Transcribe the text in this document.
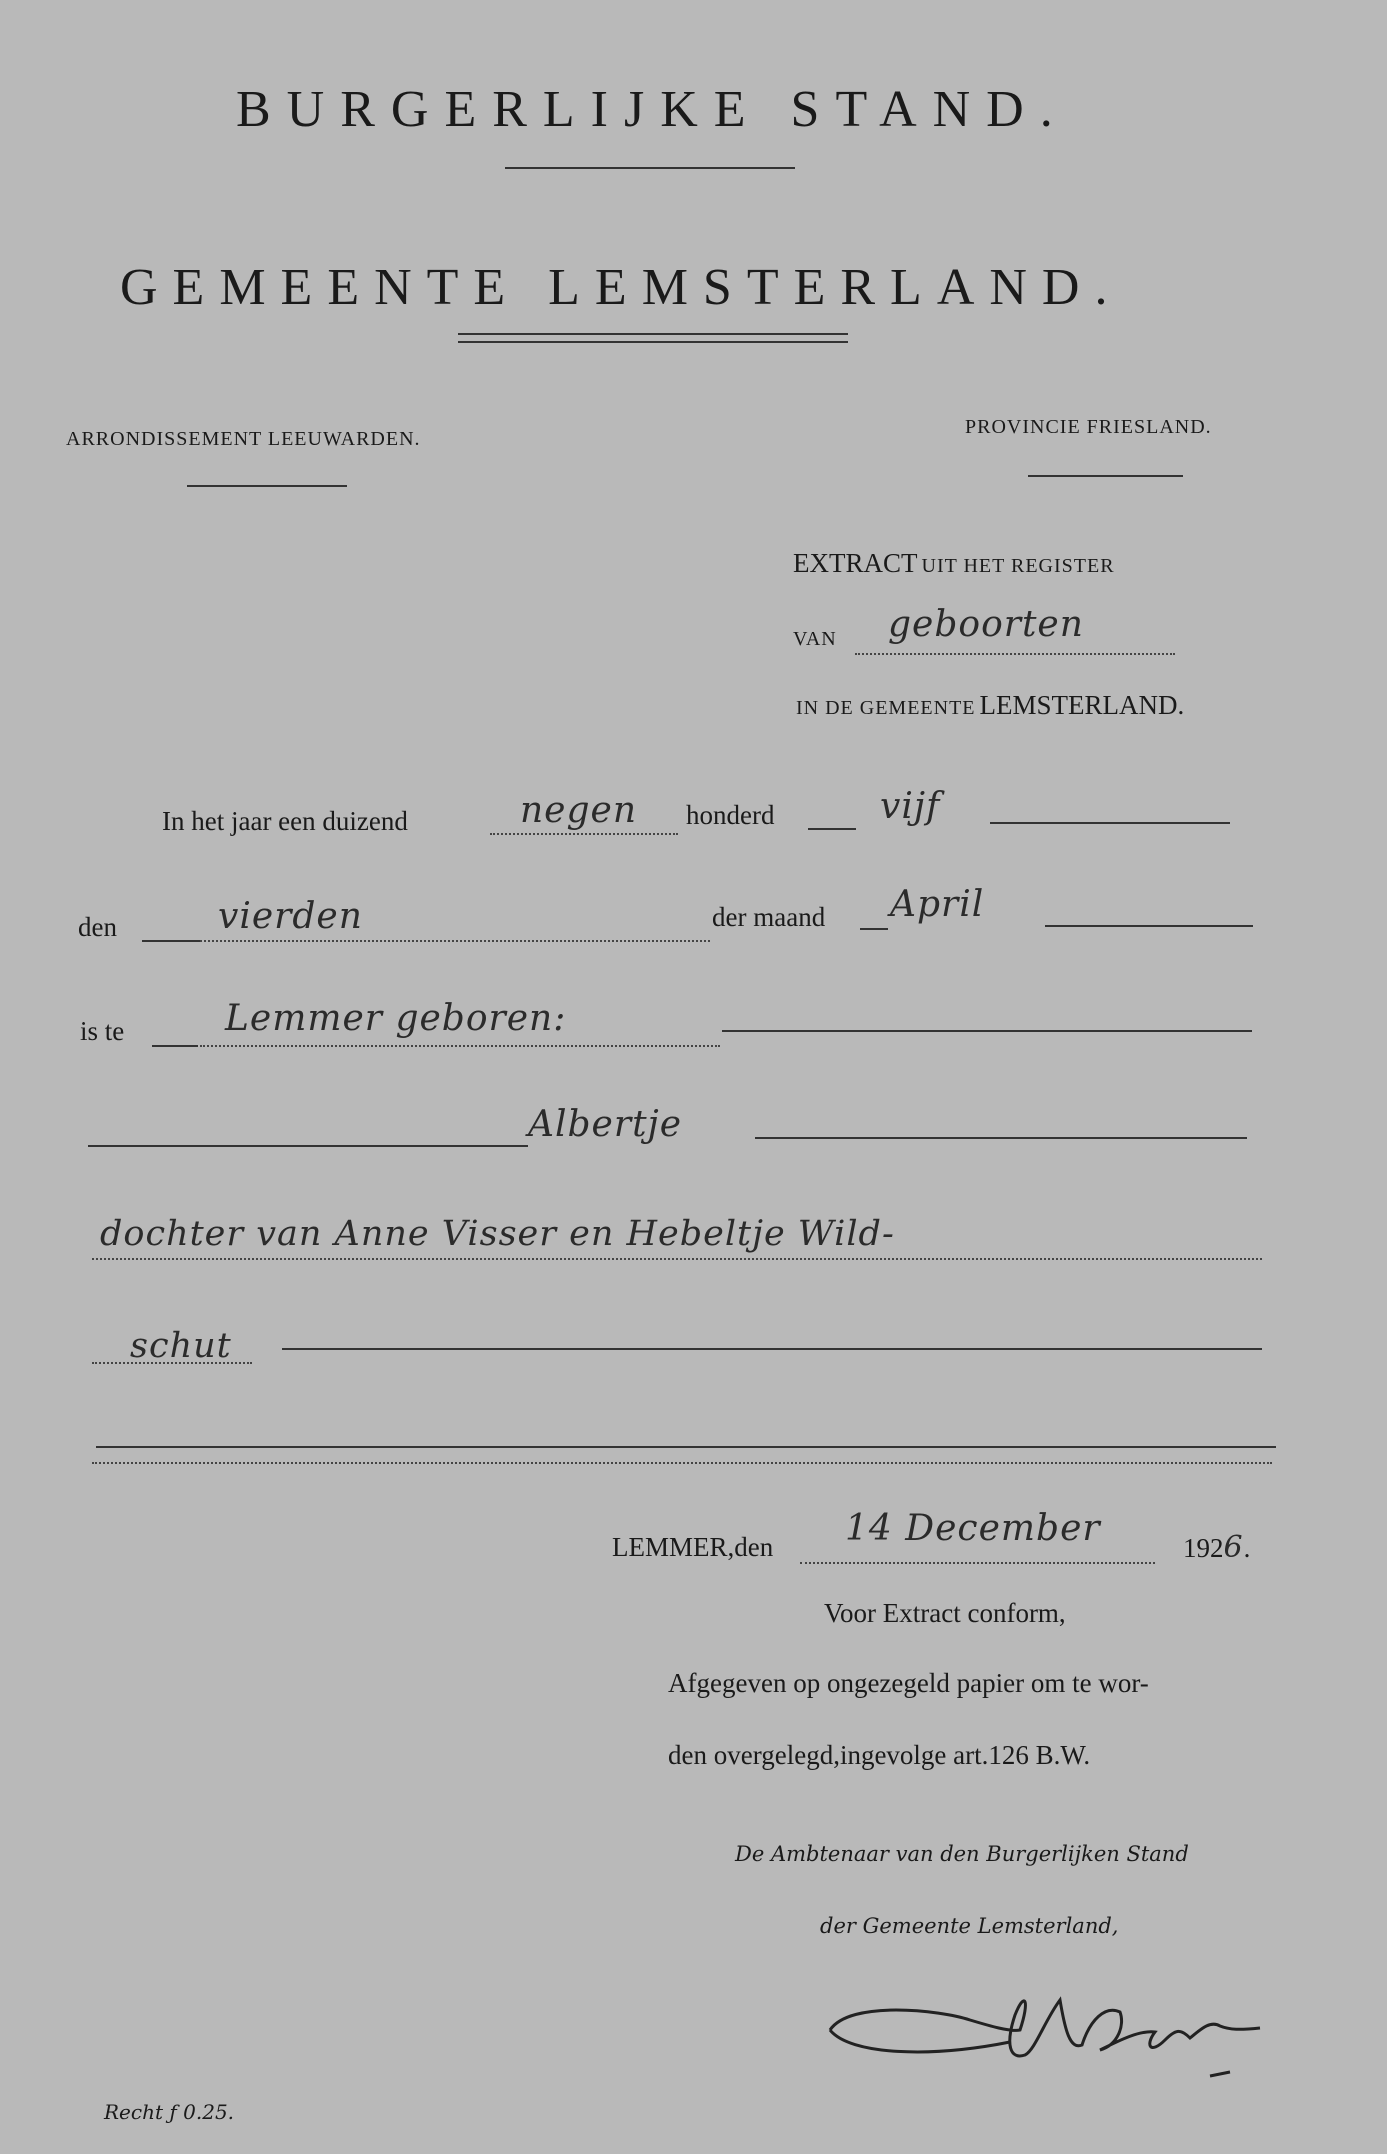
BURGERLIJKE STAND.
GEMEENTE LEMSTERLAND.
ARRONDISSEMENT LEEUWARDEN.
PROVINCIE FRIESLAND.
EXTRACT UIT HET REGISTER
VAN geboorten
IN DE GEMEENTE LEMSTERLAND.
In het jaar een duizend	negen honderd	vijf
den	vierden	der maand April
is te	Lemmer geboren:
Albertje
dochter van Anne Visser en Hebeltje Wild-
schut
LEMMER,den 14 December	1926.
Voor Extract conform,
Afgegeven op ongezegeld papier om te wor-
den overgelegd,ingevolge art.126 B.W.
De Ambtenaar van den Burgerlijken Stand
der Gemeente Lemsterland,
Recht ƒ 0.25.
